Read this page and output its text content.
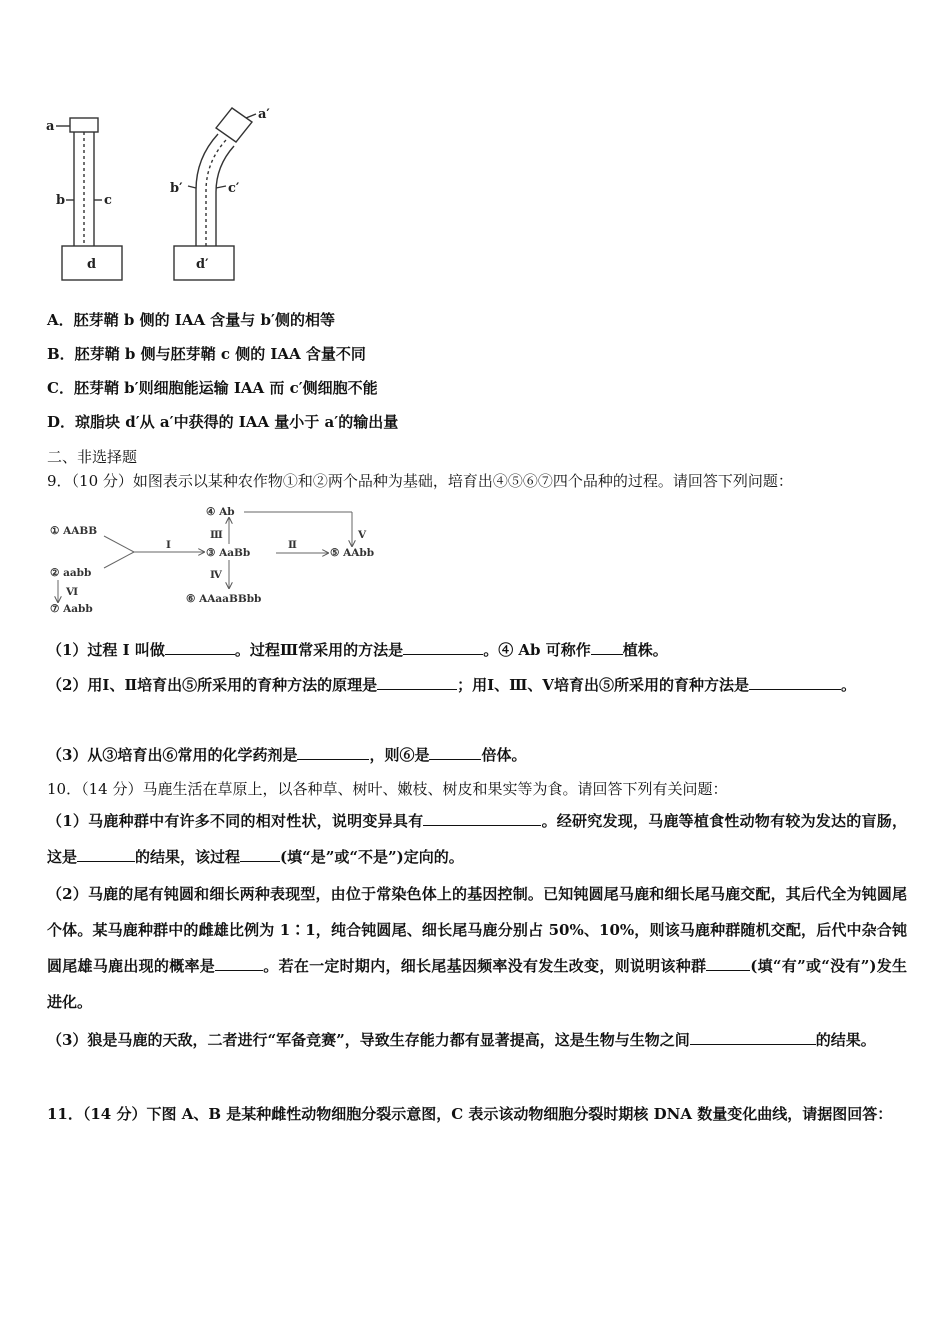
a
b	c
d
a′
b′	c′
d′
A．胚芽鞘 b 侧的 IAA 含量与 b′侧的相等
B．胚芽鞘 b 侧与胚芽鞘 c 侧的 IAA 含量不同
C．胚芽鞘 b′则细胞能运输 IAA 而 c′侧细胞不能
D．琼脂块 d′从 a′中获得的 IAA 量小于 a′的输出量
二、非选择题
9．（10 分）如图表示以某种农作物①和②两个品种为基础，培育出④⑤⑥⑦四个品种的过程。请回答下列问题：
① AABB
② aabb
③ AaBb
④ Ab
⑤ AAbb
⑥ AAaaBBbb
⑦ Aabb
Ⅰ	Ⅱ
Ⅲ
Ⅳ
Ⅴ
Ⅵ
（1）过程 I 叫做	。过程Ⅲ常采用的方法是	。④ Ab 可称作 植株。
（2）用Ⅰ、Ⅱ培育出⑤所采用的育种方法的原理是	；用Ⅰ、Ⅲ、Ⅴ培育出⑤所采用的育种方法是	。
（3）从③培育出⑥常用的化学药剂是	，则⑥是	倍体。
10．（14 分）马鹿生活在草原上，以各种草、树叶、嫩枝、树皮和果实等为食。请回答下列有关问题：
（1）马鹿种群中有许多不同的相对性状，说明变异具有	。经研究发现，马鹿等植食性动物有较为发达的盲肠，这是	的结果，该过程	(填“是”或“不是”)定向的。
（2）马鹿的尾有钝圆和细长两种表现型，由位于常染色体上的基因控制。已知钝圆尾马鹿和细长尾马鹿交配，其后代全为钝圆尾个体。某马鹿种群中的雌雄比例为 1∶1，纯合钝圆尾、细长尾马鹿分别占 50%、10%，则该马鹿种群随机交配，后代中杂合钝圆尾雄马鹿出现的概率是	。若在一定时期内，细长尾基因频率没有发生改变，则说明该种群	(填“有”或“没有”)发生进化。
（3）狼是马鹿的天敌，二者进行“军备竞赛”，导致生存能力都有显著提高，这是生物与生物之间	的结果。
11．（14 分）下图 A、B 是某种雌性动物细胞分裂示意图，C 表示该动物细胞分裂时期核 DNA 数量变化曲线，请据图回答：
